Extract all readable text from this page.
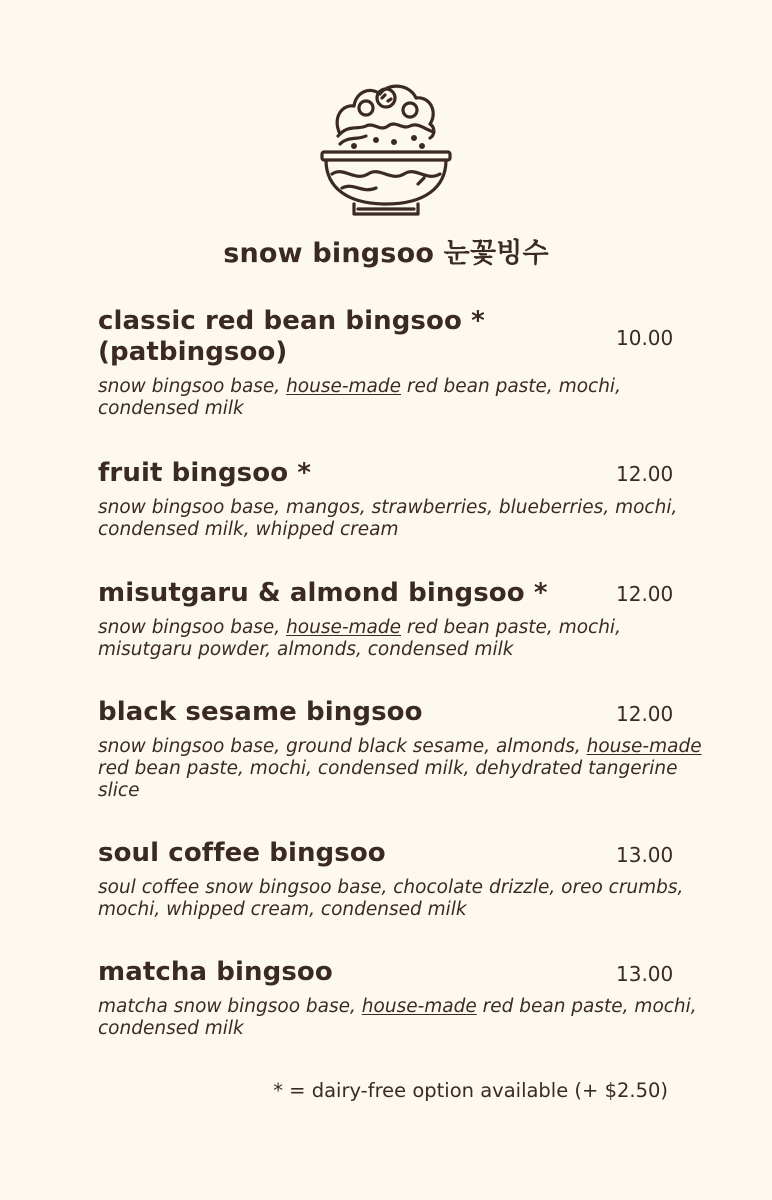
snow bingsoo 눈꽃빙수
classic red bean bingsoo * (patbingsoo)	10.00
snow bingsoo base, house-made red bean paste, mochi, condensed milk
fruit bingsoo *	12.00
snow bingsoo base, mangos, strawberries, blueberries, mochi, condensed milk, whipped cream
misutgaru & almond bingsoo *	12.00
snow bingsoo base, house-made red bean paste, mochi, misutgaru powder, almonds, condensed milk
black sesame bingsoo	12.00
snow bingsoo base, ground black sesame, almonds, house-made red bean paste, mochi, condensed milk, dehydrated tangerine slice
soul coffee bingsoo	13.00
soul coffee snow bingsoo base, chocolate drizzle, oreo crumbs, mochi, whipped cream, condensed milk
matcha bingsoo	13.00
matcha snow bingsoo base, house-made red bean paste, mochi, condensed milk
* = dairy-free option available (+ $2.50)
